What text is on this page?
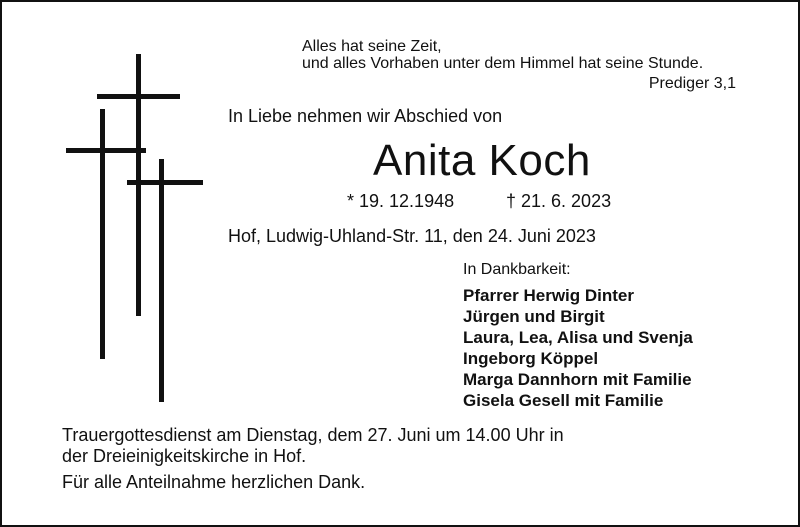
Alles hat seine Zeit,
und alles Vorhaben unter dem Himmel hat seine Stunde.
Prediger 3,1
In Liebe nehmen wir Abschied von
Anita Koch
* 19. 12.1948	† 21. 6. 2023
Hof, Ludwig-Uhland-Str. 11, den 24. Juni 2023
In Dankbarkeit:
Pfarrer Herwig Dinter
Jürgen und Birgit
Laura, Lea, Alisa und Svenja
Ingeborg Köppel
Marga Dannhorn mit Familie
Gisela Gesell mit Familie
Trauergottesdienst am Dienstag, dem 27. Juni um 14.00 Uhr in
der Dreieinigkeitskirche in Hof.
Für alle Anteilnahme herzlichen Dank.
